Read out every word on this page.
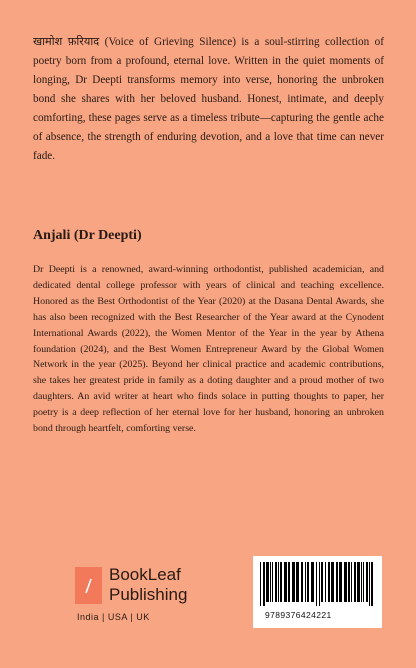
खामोश फ़रियाद (Voice of Grieving Silence) is a soul-stirring collection of poetry born from a profound, eternal love. Written in the quiet moments of longing, Dr Deepti transforms memory into verse, honoring the unbroken bond she shares with her beloved husband. Honest, intimate, and deeply comforting, these pages serve as a timeless tribute—capturing the gentle ache of absence, the strength of enduring devotion, and a love that time can never fade.
Anjali (Dr Deepti)
Dr Deepti is a renowned, award-winning orthodontist, published academician, and dedicated dental college professor with years of clinical and teaching excellence. Honored as the Best Orthodontist of the Year (2020) at the Dasana Dental Awards, she has also been recognized with the Best Researcher of the Year award at the Cynodent International Awards (2022), the Women Mentor of the Year in the year by Athena foundation (2024), and the Best Women Entrepreneur Award by the Global Women Network in the year (2025). Beyond her clinical practice and academic contributions, she takes her greatest pride in family as a doting daughter and a proud mother of two daughters. An avid writer at heart who finds solace in putting thoughts to paper, her poetry is a deep reflection of her eternal love for her husband, honoring an unbroken bond through heartfelt, comforting verse.
BookLeaf
Publishing
India | USA | UK	9789376424221
